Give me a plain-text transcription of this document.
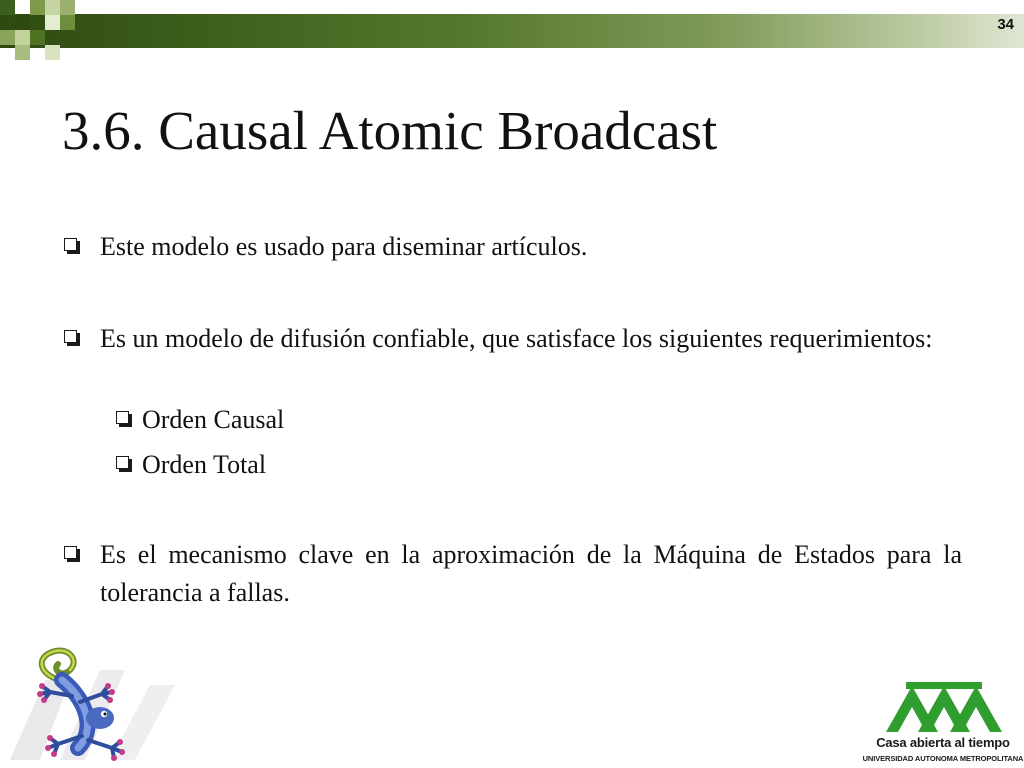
34
3.6. Causal Atomic Broadcast
Este modelo es usado para diseminar artículos.
Es un modelo de difusión confiable, que satisface los siguientes requerimientos:
Orden Causal
Orden Total
Es el mecanismo clave en la aproximación de la Máquina de Estados para la tolerancia a fallas.
Casa abierta al tiempo
UNIVERSIDAD AUTONOMA METROPOLITANA
